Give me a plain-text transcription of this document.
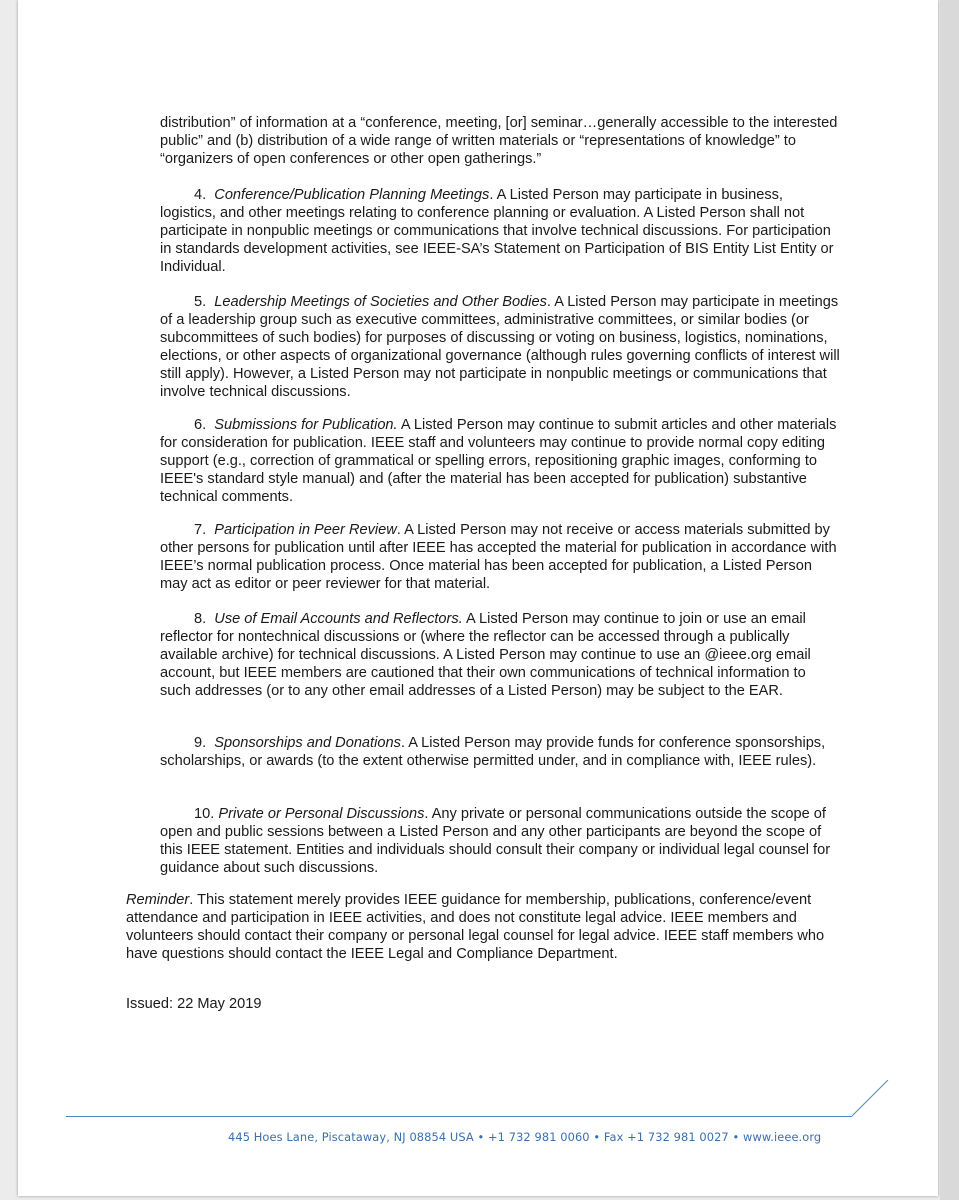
distribution” of information at a “conference, meeting, [or] seminar…generally accessible to the interested public” and (b) distribution of a wide range of written materials or “representations of knowledge” to “organizers of open conferences or other open gatherings.”
4. Conference/Publication Planning Meetings. A Listed Person may participate in business, logistics, and other meetings relating to conference planning or evaluation. A Listed Person shall not participate in nonpublic meetings or communications that involve technical discussions. For participation in standards development activities, see IEEE-SA’s Statement on Participation of BIS Entity List Entity or Individual.
5. Leadership Meetings of Societies and Other Bodies. A Listed Person may participate in meetings of a leadership group such as executive committees, administrative committees, or similar bodies (or subcommittees of such bodies) for purposes of discussing or voting on business, logistics, nominations, elections, or other aspects of organizational governance (although rules governing conflicts of interest will still apply). However, a Listed Person may not participate in nonpublic meetings or communications that involve technical discussions.
6. Submissions for Publication. A Listed Person may continue to submit articles and other materials for consideration for publication. IEEE staff and volunteers may continue to provide normal copy editing support (e.g., correction of grammatical or spelling errors, repositioning graphic images, conforming to IEEE's standard style manual) and (after the material has been accepted for publication) substantive technical comments.
7. Participation in Peer Review. A Listed Person may not receive or access materials submitted by other persons for publication until after IEEE has accepted the material for publication in accordance with IEEE’s normal publication process. Once material has been accepted for publication, a Listed Person may act as editor or peer reviewer for that material.
8. Use of Email Accounts and Reflectors. A Listed Person may continue to join or use an email reflector for nontechnical discussions or (where the reflector can be accessed through a publically available archive) for technical discussions. A Listed Person may continue to use an @ieee.org email account, but IEEE members are cautioned that their own communications of technical information to such addresses (or to any other email addresses of a Listed Person) may be subject to the EAR.
9. Sponsorships and Donations. A Listed Person may provide funds for conference sponsorships, scholarships, or awards (to the extent otherwise permitted under, and in compliance with, IEEE rules).
10. Private or Personal Discussions. Any private or personal communications outside the scope of open and public sessions between a Listed Person and any other participants are beyond the scope of this IEEE statement. Entities and individuals should consult their company or individual legal counsel for guidance about such discussions.
Reminder. This statement merely provides IEEE guidance for membership, publications, conference/event attendance and participation in IEEE activities, and does not constitute legal advice. IEEE members and volunteers should contact their company or personal legal counsel for legal advice. IEEE staff members who have questions should contact the IEEE Legal and Compliance Department.
Issued: 22 May 2019
445 Hoes Lane, Piscataway, NJ 08854 USA • +1 732 981 0060 • Fax +1 732 981 0027 • www.ieee.org
